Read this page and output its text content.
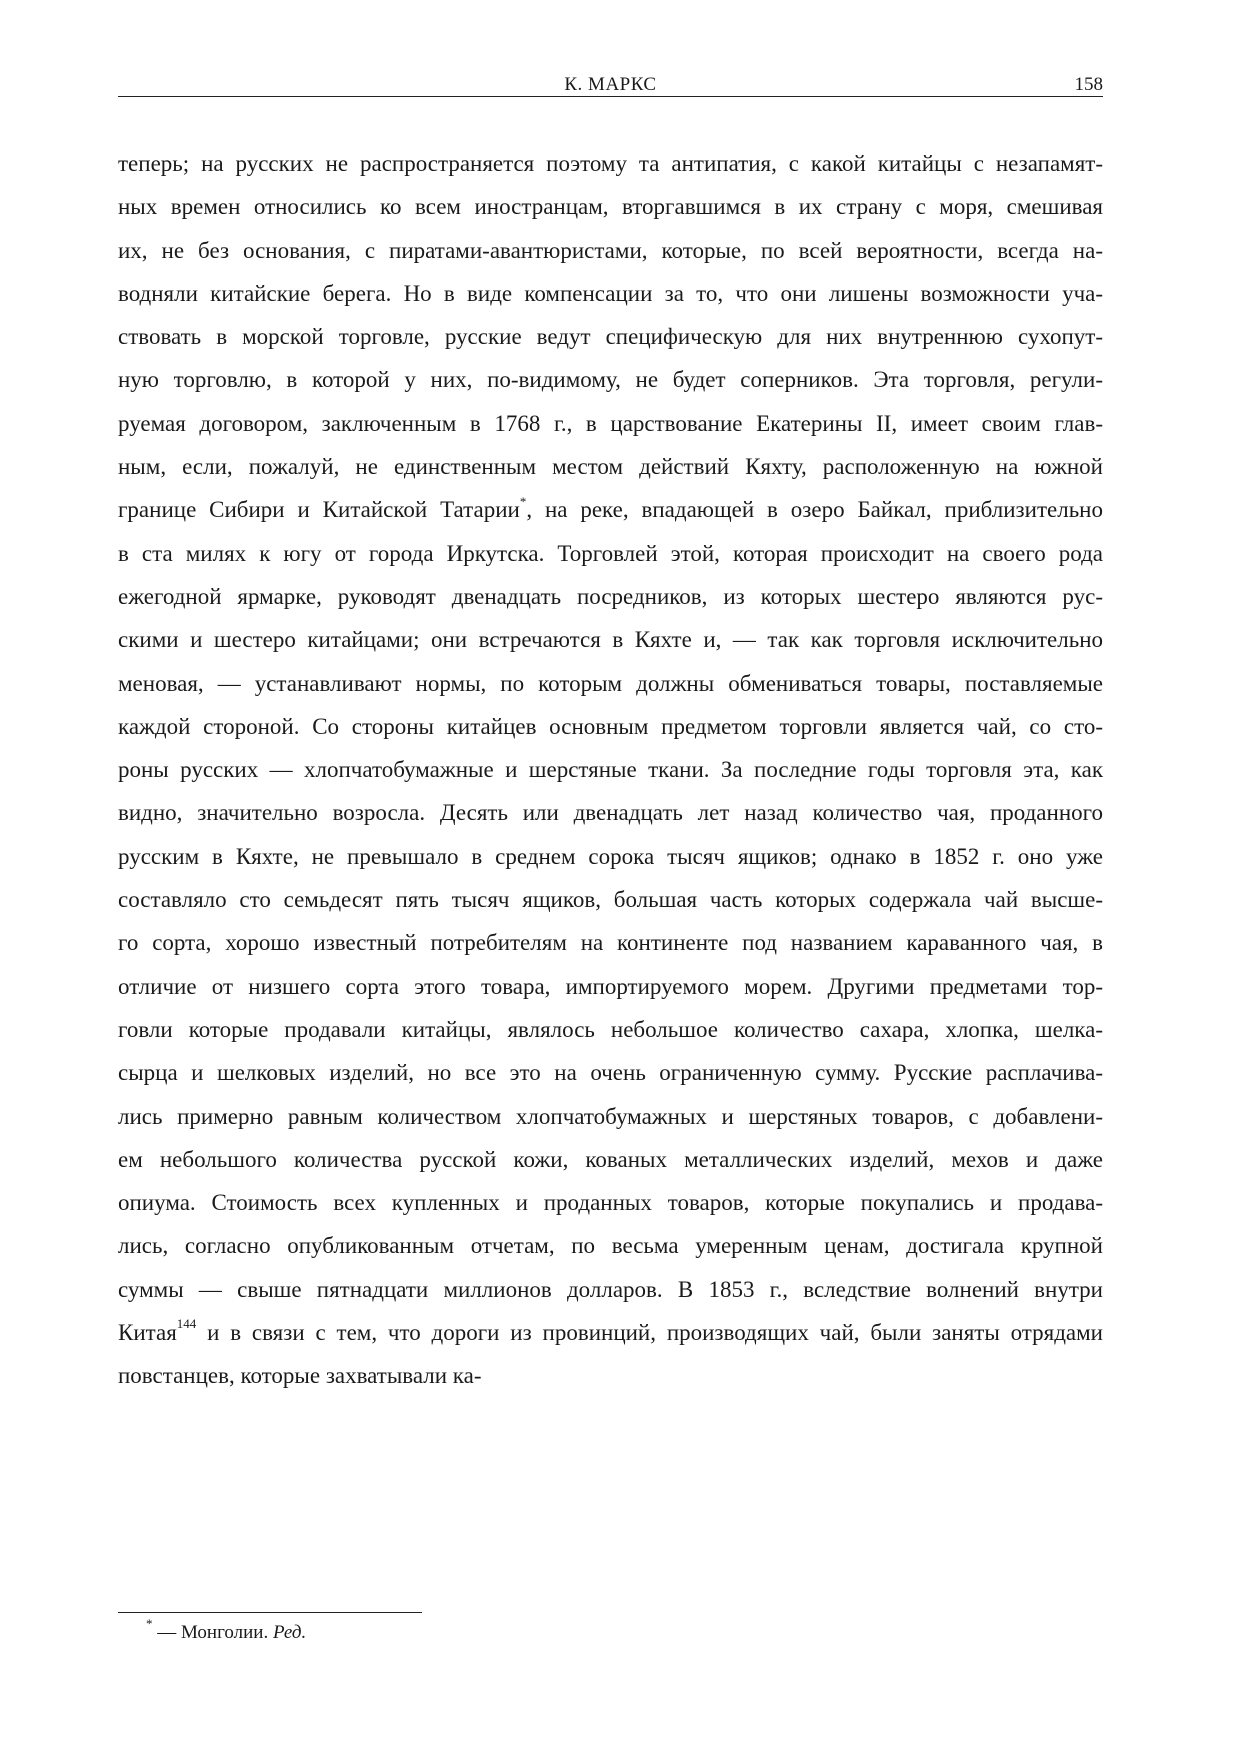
К. МАРКС	158
теперь; на русских не распространяется поэтому та антипатия, с какой китайцы с незапамят-
ных времен относились ко всем иностранцам, вторгавшимся в их страну с моря, смешивая
их, не без основания, с пиратами-авантюристами, которые, по всей вероятности, всегда на-
водняли китайские берега. Но в виде компенсации за то, что они лишены возможности уча-
ствовать в морской торговле, русские ведут специфическую для них внутреннюю сухопут-
ную торговлю, в которой у них, по-видимому, не будет соперников. Эта торговля, регули-
руемая договором, заключенным в 1768 г., в царствование Екатерины II, имеет своим глав-
ным, если, пожалуй, не единственным местом действий Кяхту, расположенную на южной
границе Сибири и Китайской Татарии*, на реке, впадающей в озеро Байкал, приблизительно
в ста милях к югу от города Иркутска. Торговлей этой, которая происходит на своего рода
ежегодной ярмарке, руководят двенадцать посредников, из которых шестеро являются рус-
скими и шестеро китайцами; они встречаются в Кяхте и, — так как торговля исключительно
меновая, — устанавливают нормы, по которым должны обмениваться товары, поставляемые
каждой стороной. Со стороны китайцев основным предметом торговли является чай, со сто-
роны русских — хлопчатобумажные и шерстяные ткани. За последние годы торговля эта, как
видно, значительно возросла. Десять или двенадцать лет назад количество чая, проданного
русским в Кяхте, не превышало в среднем сорока тысяч ящиков; однако в 1852 г. оно уже
составляло сто семьдесят пять тысяч ящиков, большая часть которых содержала чай высше-
го сорта, хорошо известный потребителям на континенте под названием караванного чая, в
отличие от низшего сорта этого товара, импортируемого морем. Другими предметами тор-
говли которые продавали китайцы, являлось небольшое количество сахара, хлопка, шелка-
сырца и шелковых изделий, но все это на очень ограниченную сумму. Русские расплачива-
лись примерно равным количеством хлопчатобумажных и шерстяных товаров, с добавлени-
ем небольшого количества русской кожи, кованых металлических изделий, мехов и даже
опиума. Стоимость всех купленных и проданных товаров, которые покупались и продава-
лись, согласно опубликованным отчетам, по весьма умеренным ценам, достигала крупной
суммы — свыше пятнадцати миллионов долларов. В 1853 г., вследствие волнений внутри
Китая$^{144}$ и в связи с тем, что дороги из провинций, производящих чай, были заняты отрядами
повстанцев, которые захватывали ка-
* — Монголии. Ред.
